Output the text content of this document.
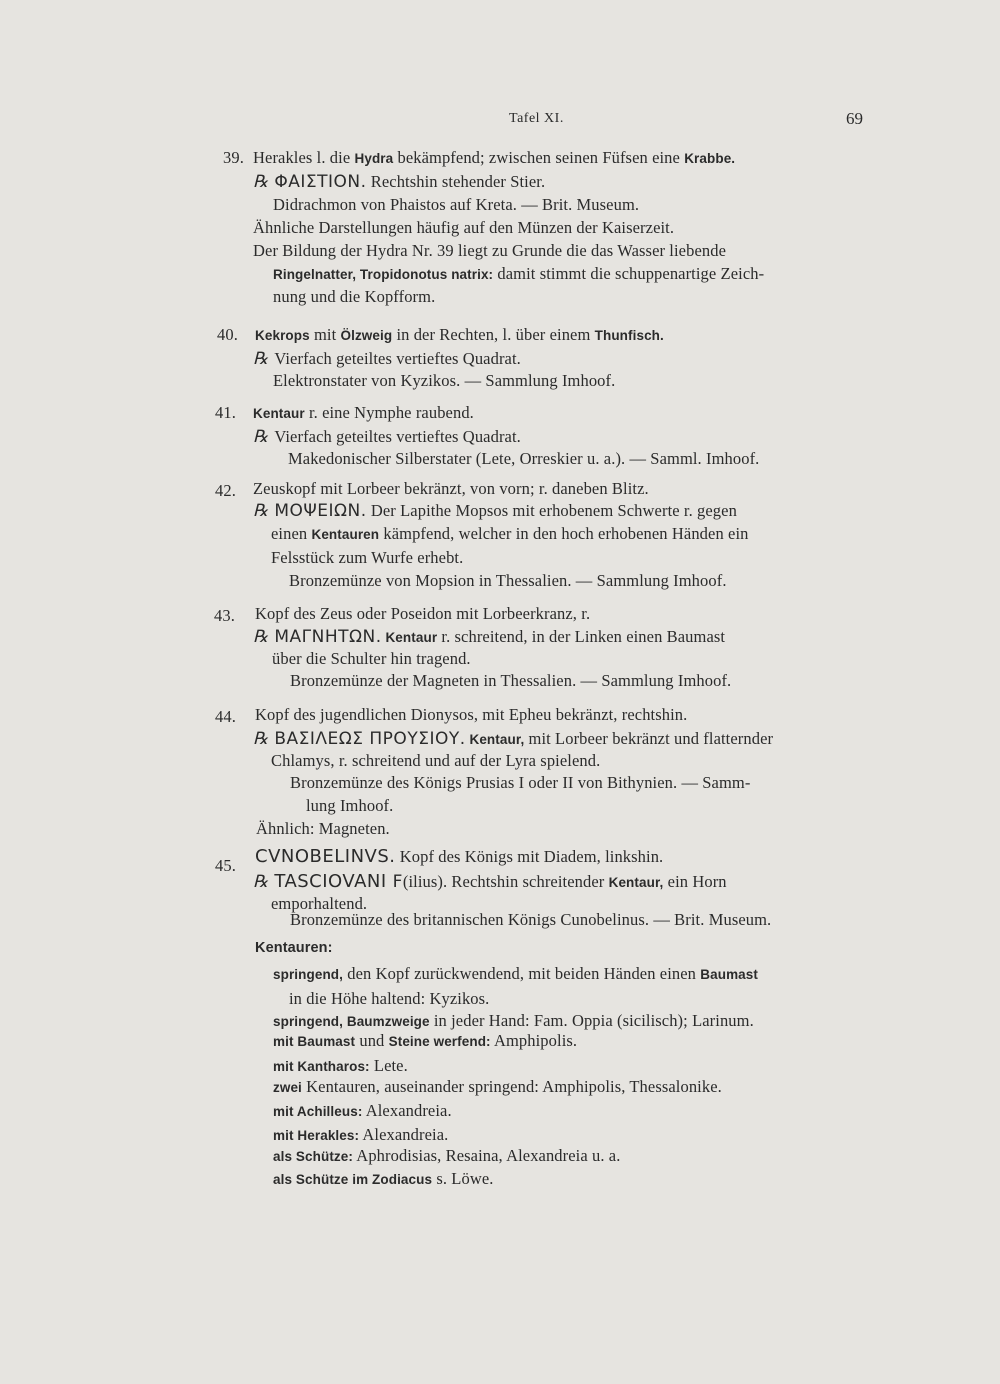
Tafel XI.	69
39. Herakles l. die Hydra bekämpfend; zwischen seinen Füfsen eine Krabbe.
℞ ΦΑΙΣΤΙΟΝ. Rechtshin stehender Stier.
Didrachmon von Phaistos auf Kreta. — Brit. Museum.
Ähnliche Darstellungen häufig auf den Münzen der Kaiserzeit.
Der Bildung der Hydra Nr. 39 liegt zu Grunde die das Wasser liebende
Ringelnatter, Tropidonotus natrix: damit stimmt die schuppenartige Zeich-
nung und die Kopfform.
40. Kekrops mit Ölzweig in der Rechten, l. über einem Thunfisch.
℞ Vierfach geteiltes vertieftes Quadrat.
Elektronstater von Kyzikos. — Sammlung Imhoof.
41. Kentaur r. eine Nymphe raubend.
℞ Vierfach geteiltes vertieftes Quadrat.
Makedonischer Silberstater (Lete, Orreskier u. a.). — Samml. Imhoof.
42. Zeuskopf mit Lorbeer bekränzt, von vorn; r. daneben Blitz.
℞ ΜΟΨΕΙΩΝ. Der Lapithe Mopsos mit erhobenem Schwerte r. gegen
einen Kentauren kämpfend, welcher in den hoch erhobenen Händen ein
Felsstück zum Wurfe erhebt.
Bronzemünze von Mopsion in Thessalien. — Sammlung Imhoof.
43. Kopf des Zeus oder Poseidon mit Lorbeerkranz, r.
℞ ΜΑΓΝΗΤΩΝ. Kentaur r. schreitend, in der Linken einen Baumast
über die Schulter hin tragend.
Bronzemünze der Magneten in Thessalien. — Sammlung Imhoof.
44. Kopf des jugendlichen Dionysos, mit Epheu bekränzt, rechtshin.
℞ ΒΑΣΙΛΕΩΣ ΠΡΟΥΣΙΟΥ. Kentaur, mit Lorbeer bekränzt und flatternder
Chlamys, r. schreitend und auf der Lyra spielend.
Bronzemünze des Königs Prusias I oder II von Bithynien. — Samm-
lung Imhoof.
Ähnlich: Magneten.
45. CVNOBELINVS. Kopf des Königs mit Diadem, linkshin.
℞ TASCIOVANI F(ilius). Rechtshin schreitender Kentaur, ein Horn
emporhaltend.
Bronzemünze des britannischen Königs Cunobelinus. — Brit. Museum.
Kentauren:
springend, den Kopf zurückwendend, mit beiden Händen einen Baumast
in die Höhe haltend: Kyzikos.
springend, Baumzweige in jeder Hand: Fam. Oppia (sicilisch); Larinum.
mit Baumast und Steine werfend: Amphipolis.
mit Kantharos: Lete.
zwei Kentauren, auseinander springend: Amphipolis, Thessalonike.
mit Achilleus: Alexandreia.
mit Herakles: Alexandreia.
als Schütze: Aphrodisias, Resaina, Alexandreia u. a.
als Schütze im Zodiacus s. Löwe.
